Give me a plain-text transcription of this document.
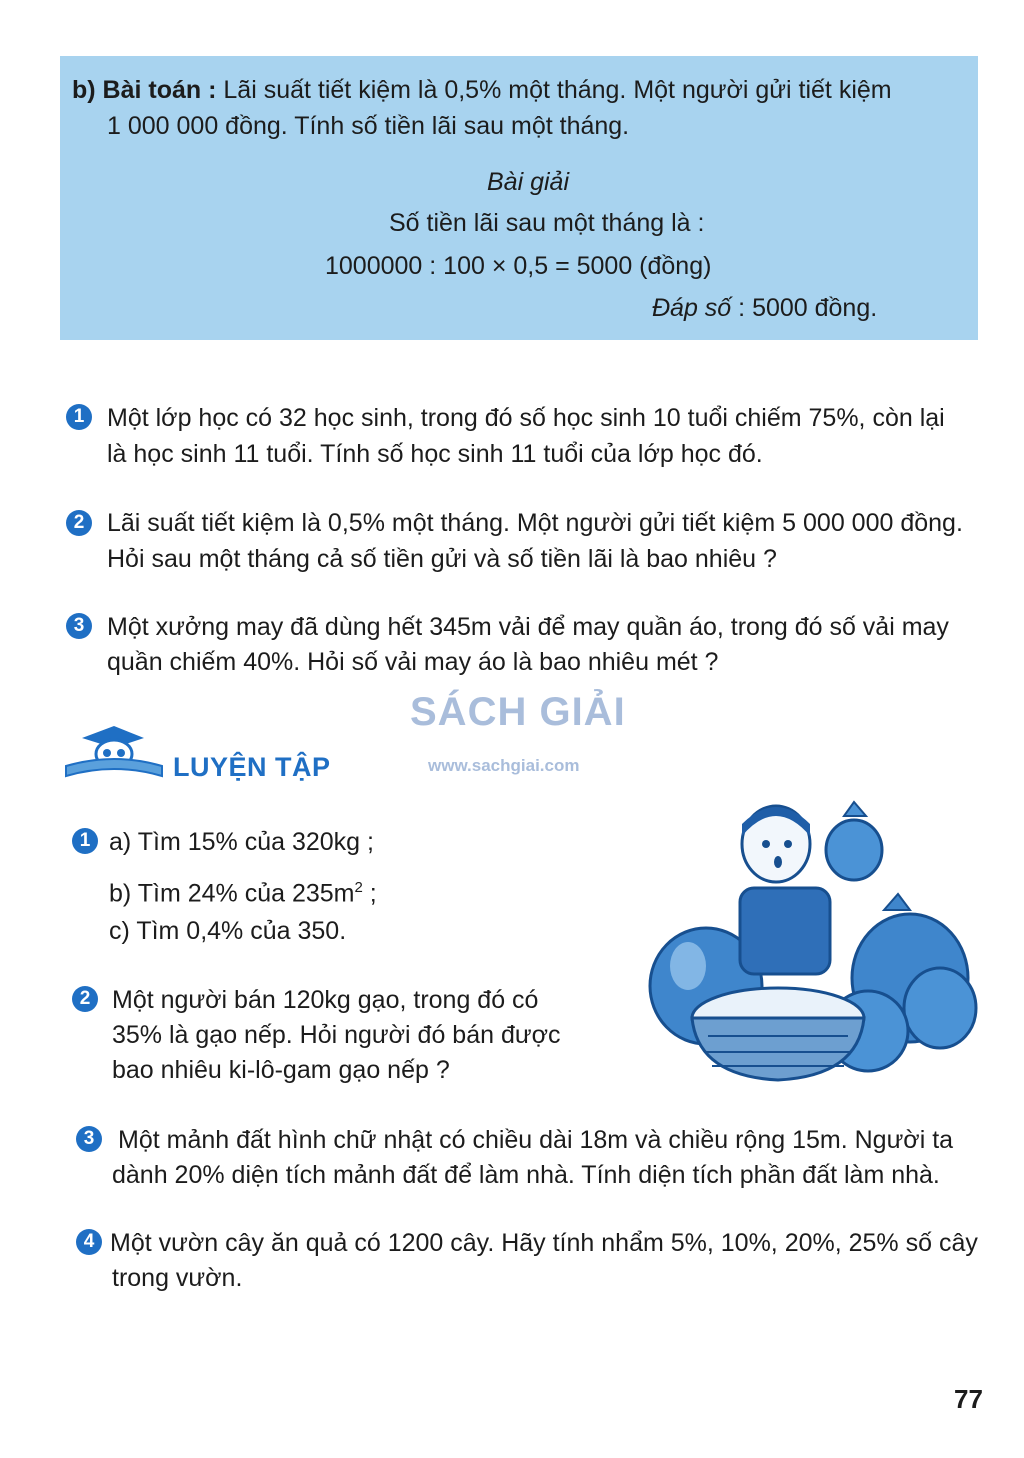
b) Bài toán : Lãi suất tiết kiệm là 0,5% một tháng. Một người gửi tiết kiệm
1 000 000 đồng. Tính số tiền lãi sau một tháng.
Bài giải
Số tiền lãi sau một tháng là :
1000000 : 100 × 0,5 = 5000 (đồng)
Đáp số : 5000 đồng.
1 Một lớp học có 32 học sinh, trong đó số học sinh 10 tuổi chiếm 75%, còn lại
là học sinh 11 tuổi. Tính số học sinh 11 tuổi của lớp học đó.
2 Lãi suất tiết kiệm là 0,5% một tháng. Một người gửi tiết kiệm 5 000 000 đồng.
Hỏi sau một tháng cả số tiền gửi và số tiền lãi là bao nhiêu ?
3 Một xưởng may đã dùng hết 345m vải để may quần áo, trong đó số vải may
quần chiếm 40%. Hỏi số vải may áo là bao nhiêu mét ?
SÁCH GIẢI
www.sachgiai.com
LUYỆN TẬP
1 a) Tìm 15% của 320kg ;
b) Tìm 24% của $235m^2$ ;
c) Tìm 0,4% của 350.
2 Một người bán 120kg gạo, trong đó có
35% là gạo nếp. Hỏi người đó bán được
bao nhiêu ki-lô-gam gạo nếp ?
3 Một mảnh đất hình chữ nhật có chiều dài 18m và chiều rộng 15m. Người ta
dành 20% diện tích mảnh đất để làm nhà. Tính diện tích phần đất làm nhà.
4 Một vườn cây ăn quả có 1200 cây. Hãy tính nhẩm 5%, 10%, 20%, 25% số cây
trong vườn.
77
